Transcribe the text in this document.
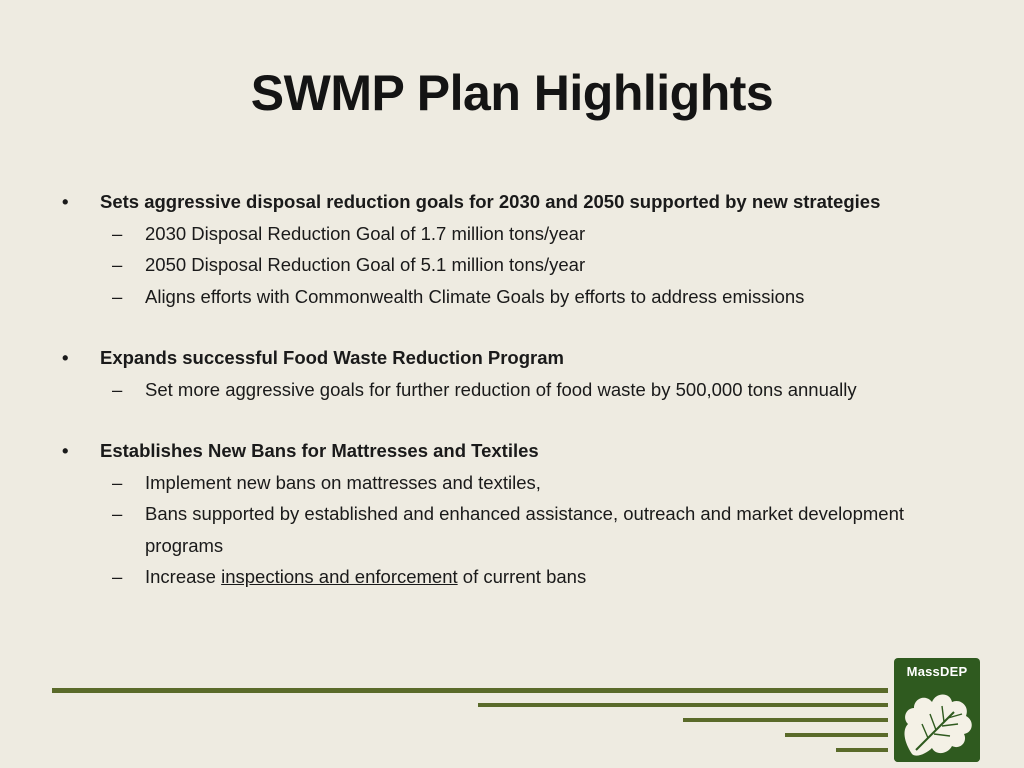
SWMP Plan Highlights
• Sets aggressive disposal reduction goals for 2030 and 2050 supported by new strategies
– 2030 Disposal Reduction Goal of 1.7 million tons/year
– 2050 Disposal Reduction Goal of 5.1 million tons/year
– Aligns efforts with Commonwealth Climate Goals by efforts to address emissions
• Expands successful Food Waste Reduction Program
– Set more aggressive goals for further reduction of food waste by 500,000 tons annually
• Establishes New Bans for Mattresses and Textiles
– Implement new bans on mattresses and textiles,
– Bans supported by established and enhanced assistance, outreach and market development programs
– Increase inspections and enforcement of current bans
MassDEP
